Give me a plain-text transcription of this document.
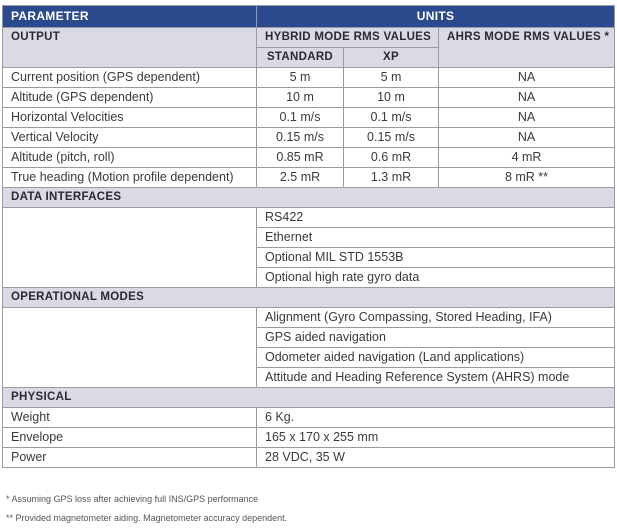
PARAMETER	UNITS		
OUTPUT	HYBRID MODE RMS VALUES		AHRS MODE RMS VALUES *
	STANDARD	XP	
Current position (GPS dependent)	5 m	5 m	NA
Altitude (GPS dependent)	10 m	10 m	NA
Horizontal Velocities	0.1 m/s	0.1 m/s	NA
Vertical Velocity	0.15 m/s	0.15 m/s	NA
Altitude (pitch, roll)	0.85 mR	0.6 mR	4 mR
True heading (Motion profile dependent)	2.5 mR	1.3 mR	8 mR **
DATA INTERFACES			
	RS422		
	Ethernet		
	Optional MIL STD 1553B		
	Optional high rate gyro data		
OPERATIONAL MODES			
	Alignment (Gyro Compassing, Stored Heading, IFA)		
	GPS aided navigation		
	Odometer aided navigation (Land applications)		
	Attitude and Heading Reference System (AHRS) mode		
PHYSICAL			
Weight	6 Kg.		
Envelope	165 x 170 x 255 mm		
Power	28 VDC, 35 W		
* Assuming GPS loss after achieving full INS/GPS performance
** Provided magnetometer aiding. Magnetometer accuracy dependent.
